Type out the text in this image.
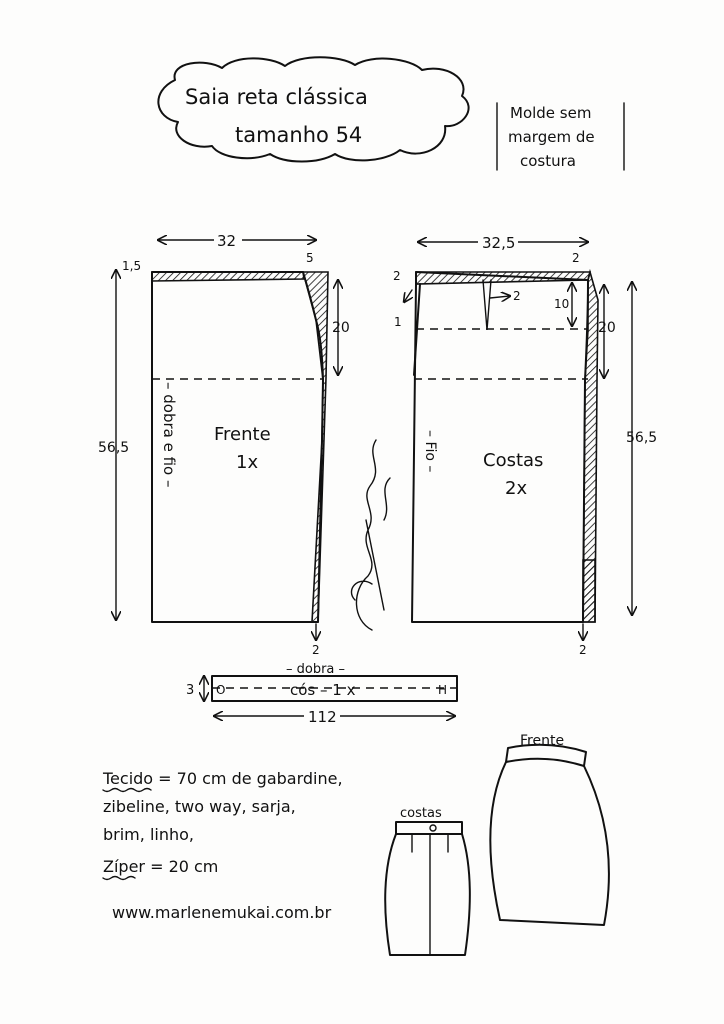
Saia reta clássica
tamanho 54
Molde sem
margem de
costura
Frente
1x
– dobra e fio –
32
56,5
20
1,5
5
2
Costas
2x
– Fio –
32,5
56,5
20
10
2
2
1
2
2
– dobra –
O	H
cós – 1 x
3
112
Tecido = 70 cm de gabardine,
zibeline, two way, sarja,
brim, linho,
Zíper = 20 cm
www.marlenemukai.com.br
costas
Frente
